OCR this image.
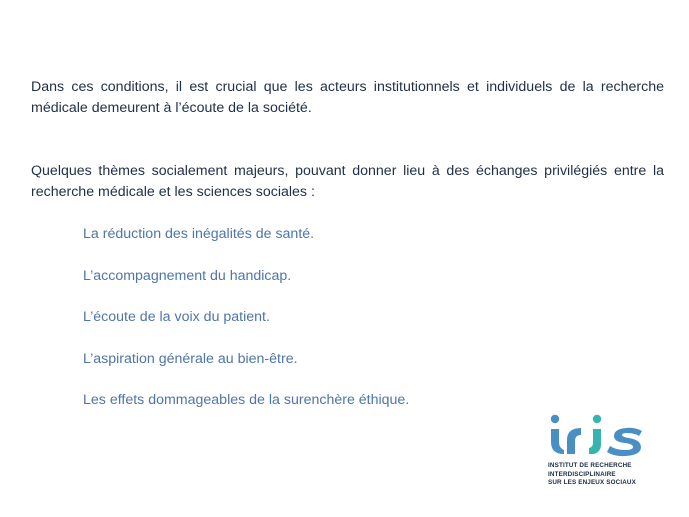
Dans ces conditions, il est crucial que les acteurs institutionnels et individuels de la recherche médicale demeurent à l’écoute de la société.

Quelques thèmes socialement majeurs, pouvant donner lieu à des échanges privilégiés entre la recherche médicale et les sciences sociales :

La réduction des inégalités de santé.
L’accompagnement du handicap.
L’écoute de la voix du patient.
L’aspiration générale au bien-être.
Les effets dommageables de la surenchère éthique.
INSTITUT DE RECHERCHE
INTERDISCIPLINAIRE
SUR LES ENJEUX SOCIAUX
